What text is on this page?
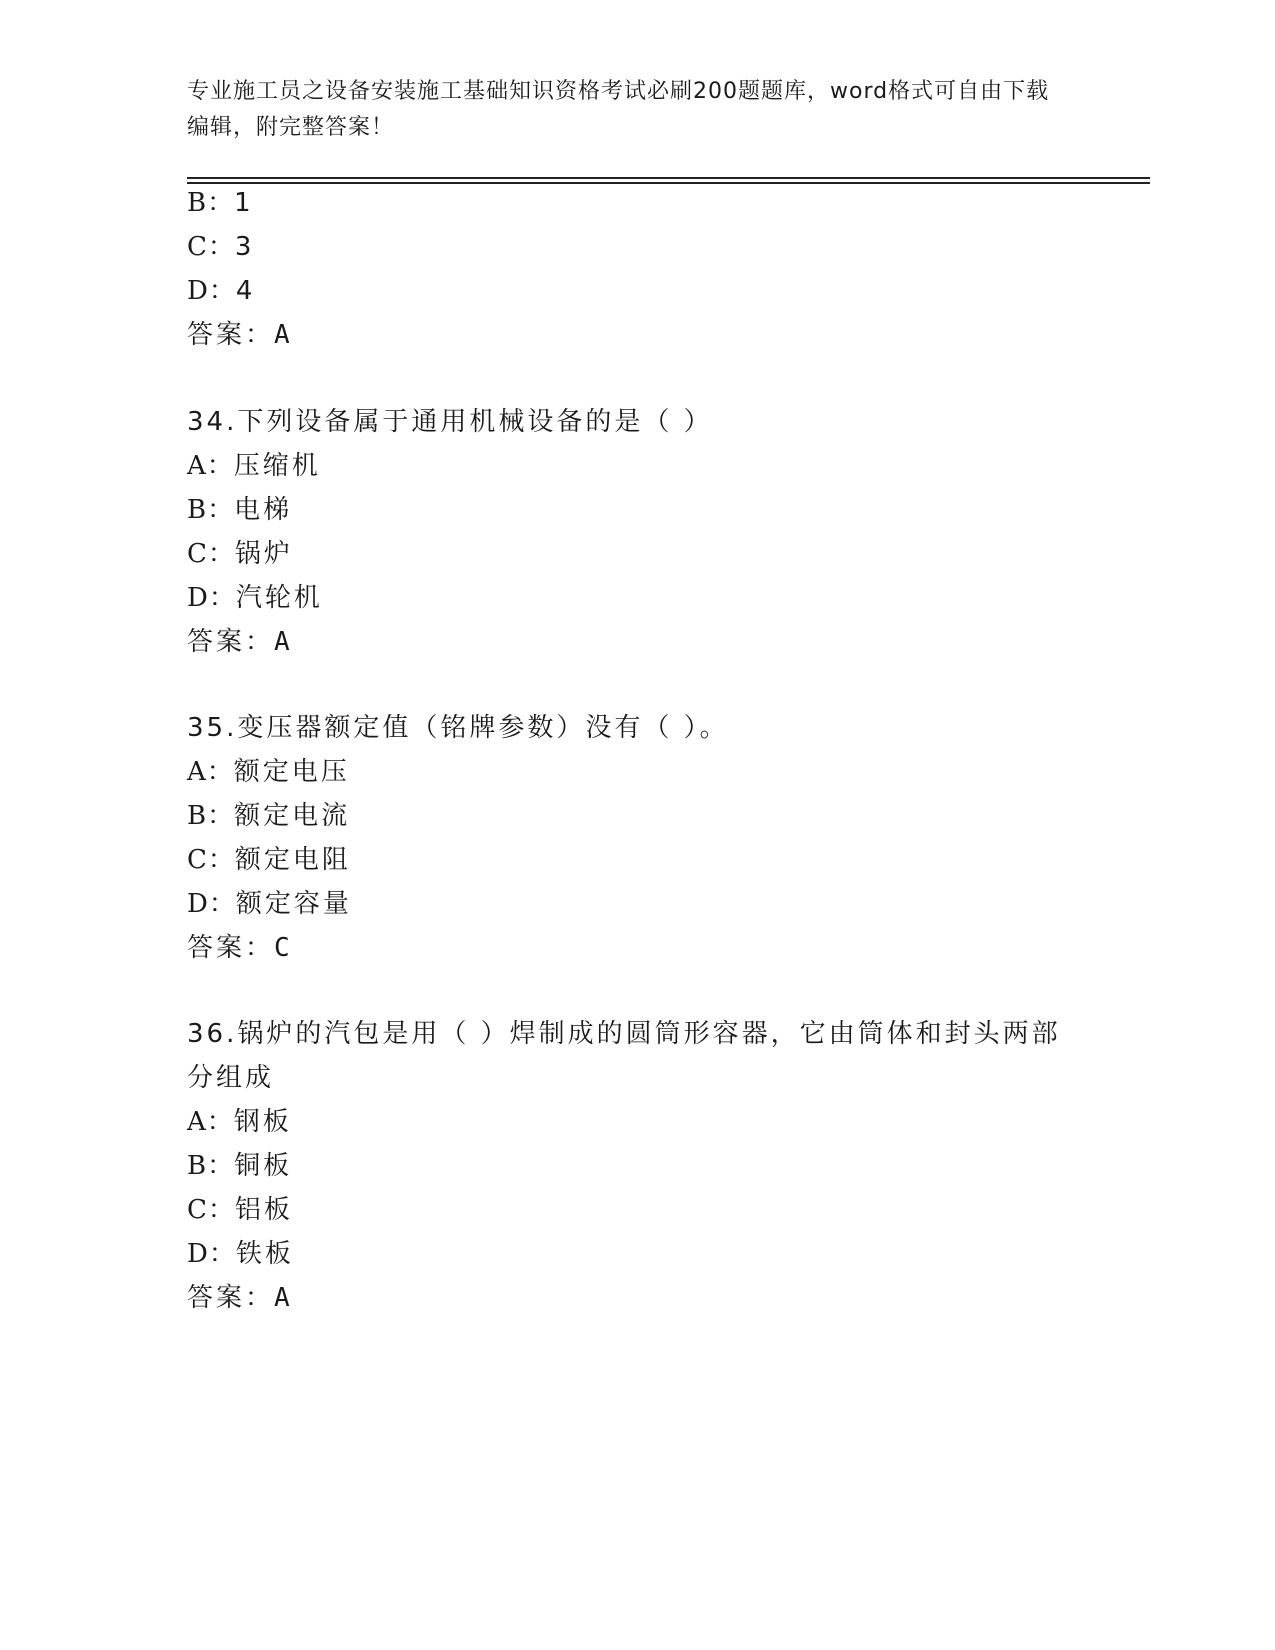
专业施工员之设备安装施工基础知识资格考试必刷200题题库，word格式可自由下载编辑，附完整答案！
B：1
C：3
D：4
答案：A
34.下列设备属于通用机械设备的是（ ）
A：压缩机
B：电梯
C：锅炉
D：汽轮机
答案：A
35.变压器额定值（铭牌参数）没有（ ）。
A：额定电压
B：额定电流
C：额定电阻
D：额定容量
答案：C
36.锅炉的汽包是用（ ）焊制成的圆筒形容器，它由筒体和封头两部
分组成
A：钢板
B：铜板
C：铝板
D：铁板
答案：A
